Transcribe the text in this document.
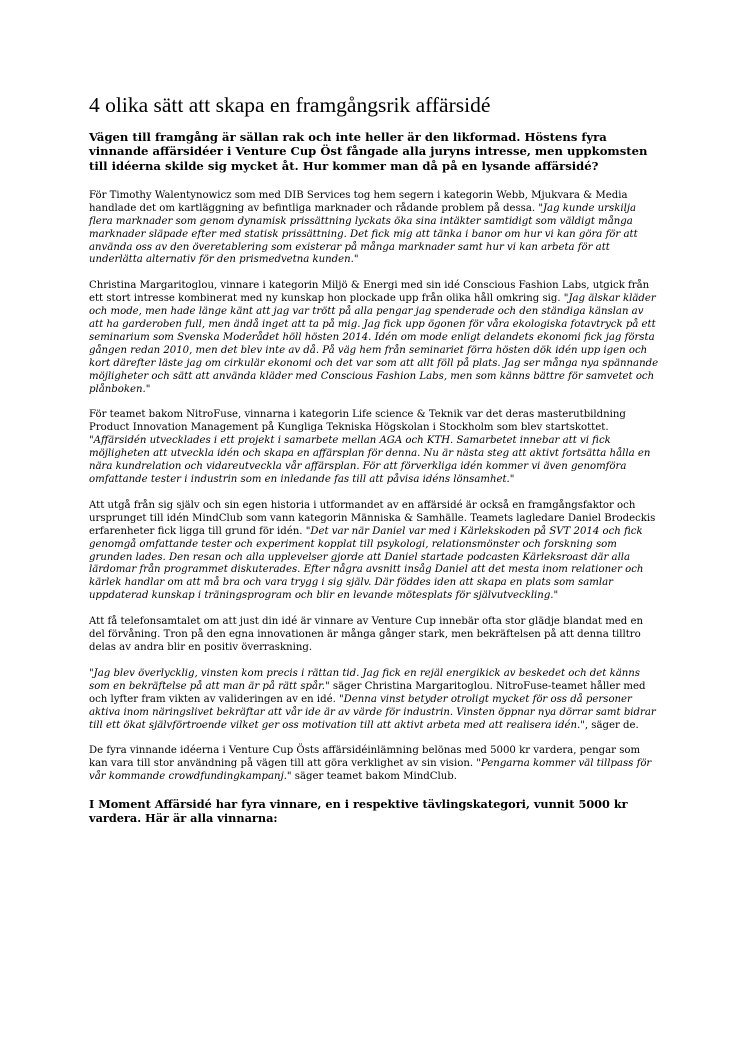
4 olika sätt att skapa en framgångsrik affärsidé

Vägen till framgång är sällan rak och inte heller är den likformad. Höstens fyra vinnande affärsidéer i Venture Cup Öst fångade alla juryns intresse, men uppkomsten till idéerna skilde sig mycket åt. Hur kommer man då på en lysande affärsidé?

För Timothy Walentynowicz som med DIB Services tog hem segern i kategorin Webb, Mjukvara & Media handlade det om kartläggning av befintliga marknader och rådande problem på dessa. "Jag kunde urskilja flera marknader som genom dynamisk prissättning lyckats öka sina intäkter samtidigt som väldigt många marknader släpade efter med statisk prissättning. Det fick mig att tänka i banor om hur vi kan göra för att använda oss av den överetablering som existerar på många marknader samt hur vi kan arbeta för att underlätta alternativ för den prismedvetna kunden."

Christina Margaritoglou, vinnare i kategorin Miljö & Energi med sin idé Conscious Fashion Labs, utgick från ett stort intresse kombinerat med ny kunskap hon plockade upp från olika håll omkring sig. "Jag älskar kläder och mode, men hade länge känt att jag var trött på alla pengar jag spenderade och den ständiga känslan av att ha garderoben full, men ändå inget att ta på mig. Jag fick upp ögonen för våra ekologiska fotavtryck på ett seminarium som Svenska Moderådet höll hösten 2014. Idén om mode enligt delandets ekonomi fick jag första gången redan 2010, men det blev inte av då. På väg hem från seminariet förra hösten dök idén upp igen och kort därefter läste jag om cirkulär ekonomi och det var som att allt föll på plats. Jag ser många nya spännande möjligheter och sätt att använda kläder med Conscious Fashion Labs, men som känns bättre för samvetet och plånboken."

För teamet bakom NitroFuse, vinnarna i kategorin Life science & Teknik var det deras masterutbildning Product Innovation Management på Kungliga Tekniska Högskolan i Stockholm som blev startskottet. "Affärsidén utvecklades i ett projekt i samarbete mellan AGA och KTH. Samarbetet innebar att vi fick möjligheten att utveckla idén och skapa en affärsplan för denna. Nu är nästa steg att aktivt fortsätta hålla en nära kundrelation och vidareutveckla vår affärsplan. För att förverkliga idén kommer vi även genomföra omfattande tester i industrin som en inledande fas till att påvisa idéns lönsamhet."

Att utgå från sig själv och sin egen historia i utformandet av en affärsidé är också en framgångsfaktor och ursprunget till idén MindClub som vann kategorin Människa & Samhälle. Teamets lagledare Daniel Brodeckis erfarenheter fick ligga till grund för idén. "Det var när Daniel var med i Kärlekskoden på SVT 2014 och fick genomgå omfattande tester och experiment kopplat till psykologi, relationsmönster och forskning som grunden lades. Den resan och alla upplevelser gjorde att Daniel startade podcasten Kärleksroast där alla lärdomar från programmet diskuterades. Efter några avsnitt insåg Daniel att det mesta inom relationer och kärlek handlar om att må bra och vara trygg i sig själv. Där föddes iden att skapa en plats som samlar uppdaterad kunskap i träningsprogram och blir en levande mötesplats för självutveckling."

Att få telefonsamtalet om att just din idé är vinnare av Venture Cup innebär ofta stor glädje blandat med en del förvåning. Tron på den egna innovationen är många gånger stark, men bekräftelsen på att denna tilltro delas av andra blir en positiv överraskning.

"Jag blev överlycklig, vinsten kom precis i rättan tid. Jag fick en rejäl energikick av beskedet och det känns som en bekräftelse på att man är på rätt spår." säger Christina Margaritoglou. NitroFuse-teamet håller med och lyfter fram vikten av valideringen av en idé. "Denna vinst betyder otroligt mycket för oss då personer aktiva inom näringslivet bekräftar att vår ide är av värde för industrin. Vinsten öppnar nya dörrar samt bidrar till ett ökat självförtroende vilket ger oss motivation till att aktivt arbeta med att realisera idén.", säger de.

De fyra vinnande idéerna i Venture Cup Östs affärsidéinlämning belönas med 5000 kr vardera, pengar som kan vara till stor användning på vägen till att göra verklighet av sin vision. "Pengarna kommer väl tillpass för vår kommande crowdfundingkampanj." säger teamet bakom MindClub.

I Moment Affärsidé har fyra vinnare, en i respektive tävlingskategori, vunnit 5000 kr vardera. Här är alla vinnarna:
